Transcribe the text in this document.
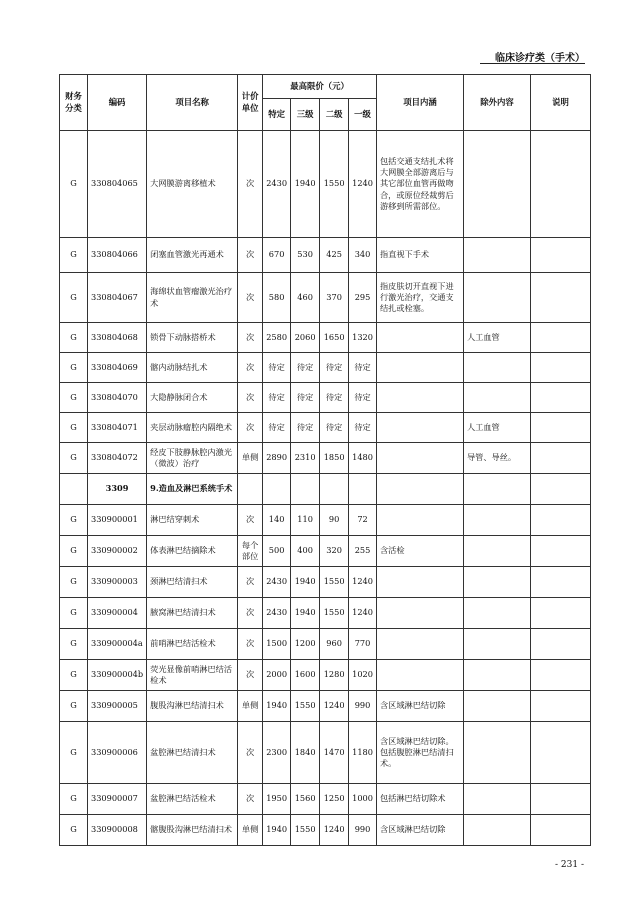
临床诊疗类（手术）
财务分类	编码	项目名称	计价单位	最高限价（元）				项目内涵	除外内容	说明
				特定	三级	二级	一级			
G	330804065	大网膜游离移植术	次	2430	1940	1550	1240	包括交通支结扎术将大网膜全部游离后与其它部位血管再做吻合，或原位经裁剪后游移到所需部位。		
G	330804066	闭塞血管激光再通术	次	670	530	425	340	指直视下手术		
G	330804067	海绵状血管瘤激光治疗术	次	580	460	370	295	指皮肤切开直视下进行激光治疗，交通支结扎或栓塞。		
G	330804068	锁骨下动脉搭桥术	次	2580	2060	1650	1320		人工血管	
G	330804069	髂内动脉结扎术	次	待定	待定	待定	待定			
G	330804070	大隐静脉闭合术	次	待定	待定	待定	待定			
G	330804071	夹层动脉瘤腔内隔绝术	次	待定	待定	待定	待定		人工血管	
G	330804072	经皮下肢静脉腔内激光（微波）治疗	单侧	2890	2310	1850	1480		导管、导丝。	
	3309	9.造血及淋巴系统手术								
G	330900001	淋巴结穿刺术	次	140	110	90	72			
G	330900002	体表淋巴结摘除术	每个部位	500	400	320	255	含活检		
G	330900003	颈淋巴结清扫术	次	2430	1940	1550	1240			
G	330900004	腋窝淋巴结清扫术	次	2430	1940	1550	1240			
G	330900004a	前哨淋巴结活检术	次	1500	1200	960	770			
G	330900004b	荧光显像前哨淋巴结活检术	次	2000	1600	1280	1020			
G	330900005	腹股沟淋巴结清扫术	单侧	1940	1550	1240	990	含区域淋巴结切除		
G	330900006	盆腔淋巴结清扫术	次	2300	1840	1470	1180	含区域淋巴结切除。包括腹腔淋巴结清扫术。		
G	330900007	盆腔淋巴结活检术	次	1950	1560	1250	1000	包括淋巴结切除术		
G	330900008	髂腹股沟淋巴结清扫术	单侧	1940	1550	1240	990	含区域淋巴结切除		
- 231 -
